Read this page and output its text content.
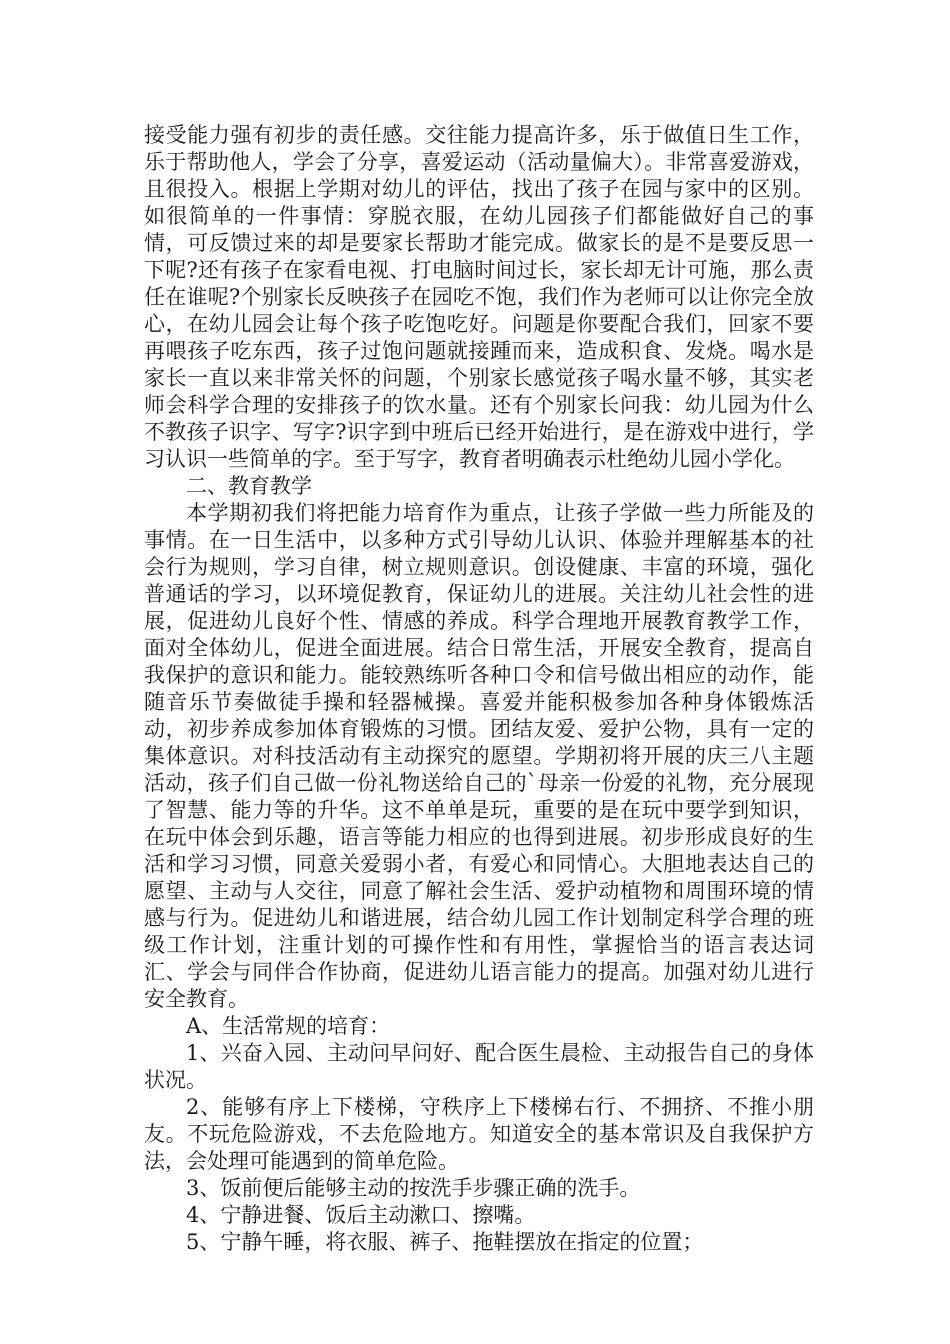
接受能力强有初步的责任感。交往能力提高许多，乐于做值日生工作，乐于帮助他人，学会了分享，喜爱运动（活动量偏大）。非常喜爱游戏，且很投入。根据上学期对幼儿的评估，找出了孩子在园与家中的区别。如很简单的一件事情：穿脱衣服，在幼儿园孩子们都能做好自己的事情，可反馈过来的却是要家长帮助才能完成。做家长的是不是要反思一下呢?还有孩子在家看电视、打电脑时间过长，家长却无计可施，那么责任在谁呢?个别家长反映孩子在园吃不饱，我们作为老师可以让你完全放心，在幼儿园会让每个孩子吃饱吃好。问题是你要配合我们，回家不要再喂孩子吃东西，孩子过饱问题就接踵而来，造成积食、发烧。喝水是家长一直以来非常关怀的问题，个别家长感觉孩子喝水量不够，其实老师会科学合理的安排孩子的饮水量。还有个别家长问我：幼儿园为什么不教孩子识字、写字?识字到中班后已经开始进行，是在游戏中进行，学习认识一些简单的字。至于写字，教育者明确表示杜绝幼儿园小学化。

二、教育教学

本学期初我们将把能力培育作为重点，让孩子学做一些力所能及的事情。在一日生活中，以多种方式引导幼儿认识、体验并理解基本的社会行为规则，学习自律，树立规则意识。创设健康、丰富的环境，强化普通话的学习，以环境促教育，保证幼儿的进展。关注幼儿社会性的进展，促进幼儿良好个性、情感的养成。科学合理地开展教育教学工作，面对全体幼儿，促进全面进展。结合日常生活，开展安全教育，提高自我保护的意识和能力。能较熟练听各种口令和信号做出相应的动作，能随音乐节奏做徒手操和轻器械操。喜爱并能积极参加各种身体锻炼活动，初步养成参加体育锻炼的习惯。团结友爱、爱护公物，具有一定的集体意识。对科技活动有主动探究的愿望。学期初将开展的庆三八主题活动，孩子们自己做一份礼物送给自己的`母亲一份爱的礼物，充分展现了智慧、能力等的升华。这不单单是玩，重要的是在玩中要学到知识，在玩中体会到乐趣，语言等能力相应的也得到进展。初步形成良好的生活和学习习惯，同意关爱弱小者，有爱心和同情心。大胆地表达自己的愿望、主动与人交往，同意了解社会生活、爱护动植物和周围环境的情感与行为。促进幼儿和谐进展，结合幼儿园工作计划制定科学合理的班级工作计划，注重计划的可操作性和有用性，掌握恰当的语言表达词汇、学会与同伴合作协商，促进幼儿语言能力的提高。加强对幼儿进行安全教育。

A、生活常规的培育：

1、兴奋入园、主动问早问好、配合医生晨检、主动报告自己的身体状况。

2、能够有序上下楼梯，守秩序上下楼梯右行、不拥挤、不推小朋友。不玩危险游戏，不去危险地方。知道安全的基本常识及自我保护方法，会处理可能遇到的简单危险。

3、饭前便后能够主动的按洗手步骤正确的洗手。

4、宁静进餐、饭后主动漱口、擦嘴。

5、宁静午睡，将衣服、裤子、拖鞋摆放在指定的位置；
